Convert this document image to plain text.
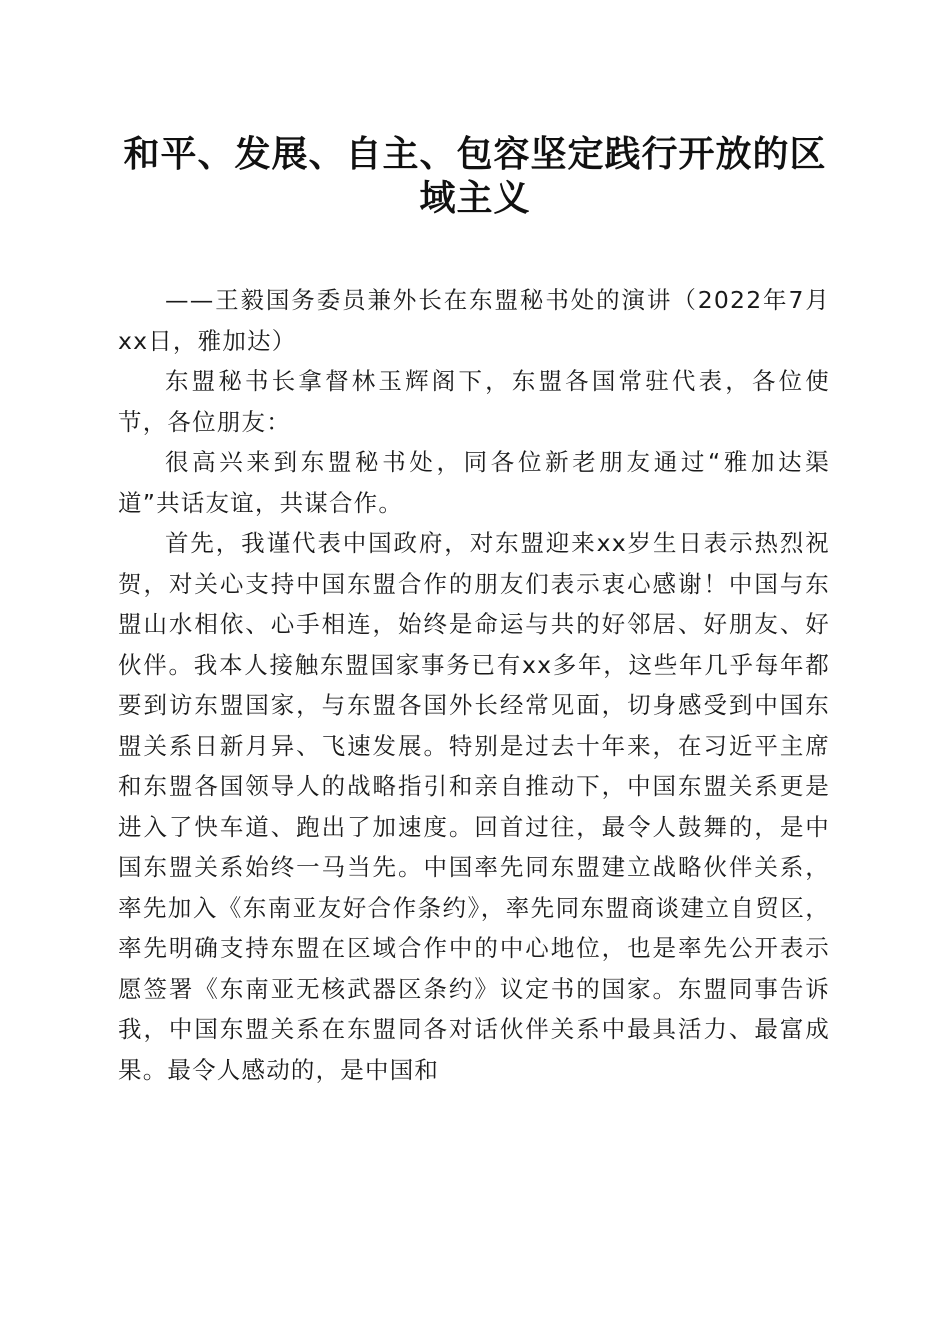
和平、发展、自主、包容坚定践行开放的区域主义

——王毅国务委员兼外长在东盟秘书处的演讲（2022年7月xx日，雅加达）

东盟秘书长拿督林玉辉阁下，东盟各国常驻代表，各位使节，各位朋友：

很高兴来到东盟秘书处，同各位新老朋友通过“雅加达渠道”共话友谊，共谋合作。

首先，我谨代表中国政府，对东盟迎来xx岁生日表示热烈祝贺，对关心支持中国东盟合作的朋友们表示衷心感谢！中国与东盟山水相依、心手相连，始终是命运与共的好邻居、好朋友、好伙伴。我本人接触东盟国家事务已有xx多年，这些年几乎每年都要到访东盟国家，与东盟各国外长经常见面，切身感受到中国东盟关系日新月异、飞速发展。特别是过去十年来，在习近平主席和东盟各国领导人的战略指引和亲自推动下，中国东盟关系更是进入了快车道、跑出了加速度。回首过往，最令人鼓舞的，是中国东盟关系始终一马当先。中国率先同东盟建立战略伙伴关系，率先加入《东南亚友好合作条约》，率先同东盟商谈建立自贸区，率先明确支持东盟在区域合作中的中心地位，也是率先公开表示愿签署《东南亚无核武器区条约》议定书的国家。东盟同事告诉我，中国东盟关系在东盟同各对话伙伴关系中最具活力、最富成果。最令人感动的，是中国和
